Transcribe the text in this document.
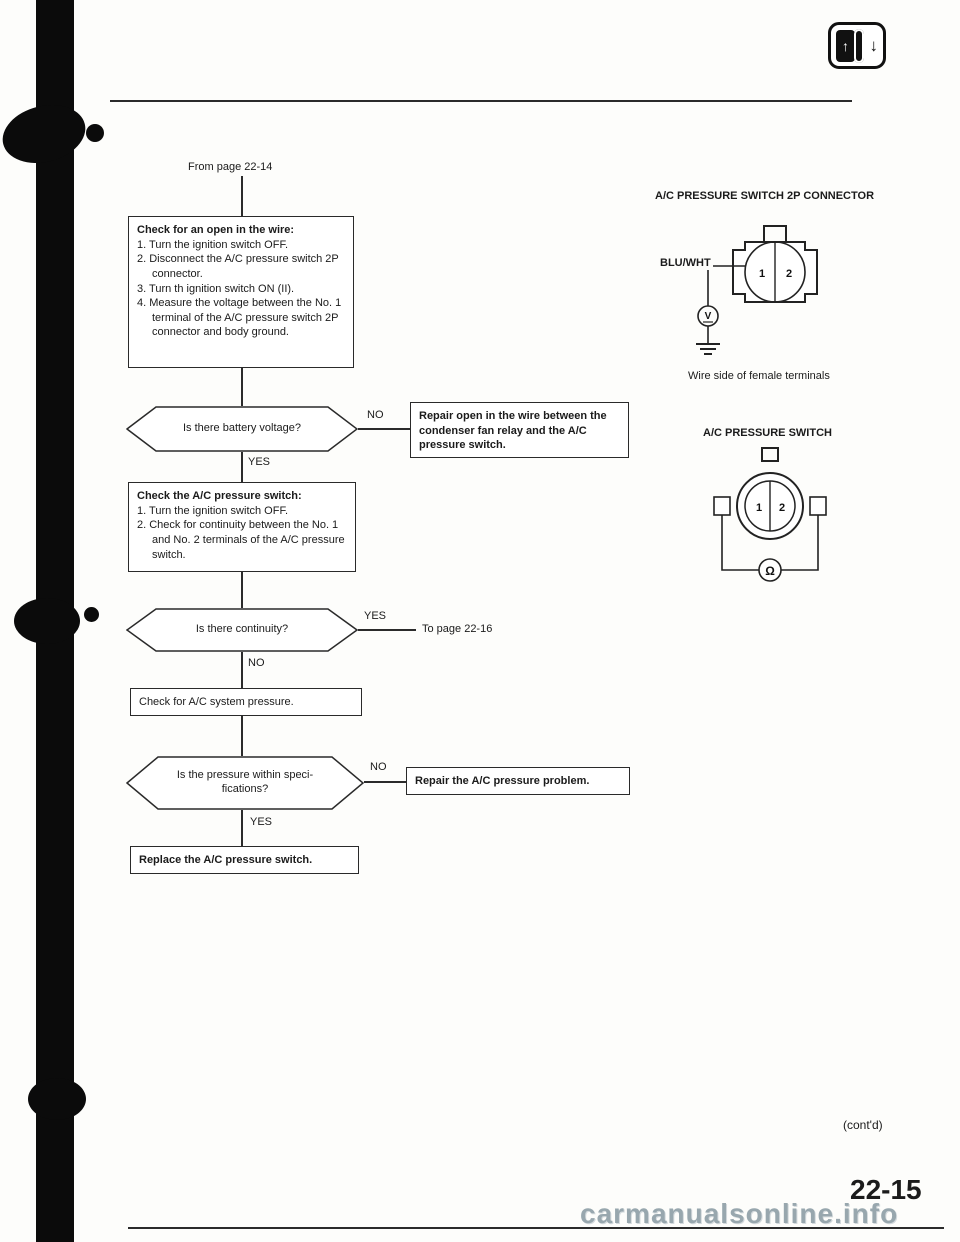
↑	↓
From page 22-14
Check for an open in the wire:
1. Turn the ignition switch OFF.
2. Disconnect the A/C pressure switch 2P connector.
3. Turn th ignition switch ON (II).
4. Measure the voltage between the No. 1 terminal of the A/C pressure switch 2P connector and body ground.
Is there battery voltage?
NO	Repair open in the wire between the condenser fan relay and the A/C pressure switch.
YES
Check the A/C pressure switch:
1. Turn the ignition switch OFF.
2. Check for continuity between the No. 1 and No. 2 terminals of the A/C pressure switch.
Is there continuity?
YES
To page 22-16
NO
Check for A/C system pressure.
Is the pressure within speci-
fications?
NO
Repair the A/C pressure problem.
YES
Replace the A/C pressure switch.
A/C PRESSURE SWITCH 2P CONNECTOR
1 2
V
BLU/WHT
Wire side of female terminals
A/C PRESSURE SWITCH
1 2
Ω
(cont'd)
22-15
carmanualsonline.info
